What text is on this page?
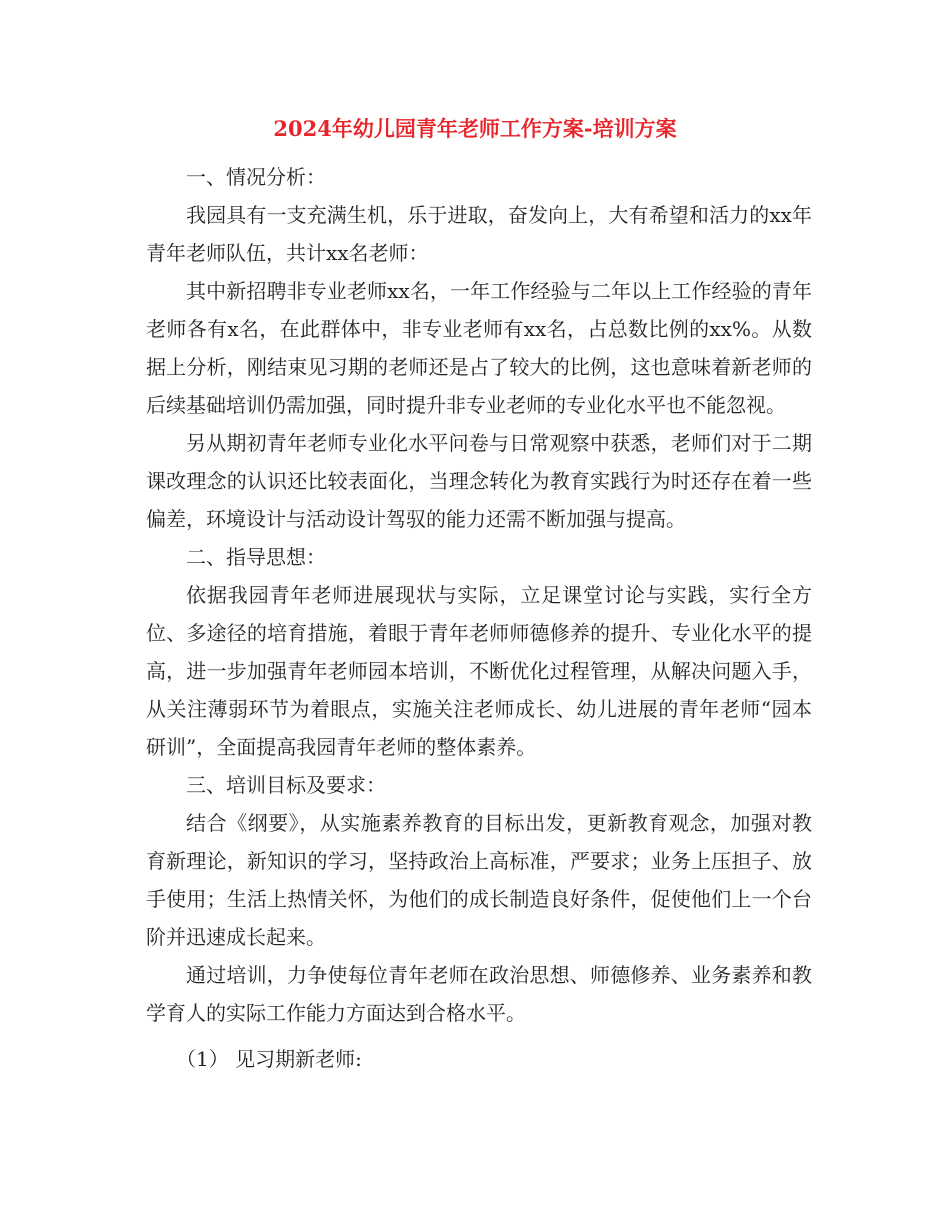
2024年幼儿园青年老师工作方案-培训方案

一、情况分析：

我园具有一支充满生机，乐于进取，奋发向上，大有希望和活力的xx年青年老师队伍，共计xx名老师：

其中新招聘非专业老师xx名，一年工作经验与二年以上工作经验的青年老师各有x名，在此群体中，非专业老师有xx名，占总数比例的xx%。从数据上分析，刚结束见习期的老师还是占了较大的比例，这也意味着新老师的后续基础培训仍需加强，同时提升非专业老师的专业化水平也不能忽视。

另从期初青年老师专业化水平问卷与日常观察中获悉，老师们对于二期课改理念的认识还比较表面化，当理念转化为教育实践行为时还存在着一些偏差，环境设计与活动设计驾驭的能力还需不断加强与提高。

二、指导思想：

依据我园青年老师进展现状与实际，立足课堂讨论与实践，实行全方位、多途径的培育措施，着眼于青年老师师德修养的提升、专业化水平的提高，进一步加强青年老师园本培训，不断优化过程管理，从解决问题入手，从关注薄弱环节为着眼点，实施关注老师成长、幼儿进展的青年老师“园本研训”，全面提高我园青年老师的整体素养。

三、培训目标及要求：

结合《纲要》，从实施素养教育的目标出发，更新教育观念，加强对教育新理论，新知识的学习，坚持政治上高标准，严要求；业务上压担子、放手使用；生活上热情关怀，为他们的成长制造良好条件，促使他们上一个台阶并迅速成长起来。

通过培训，力争使每位青年老师在政治思想、师德修养、业务素养和教学育人的实际工作能力方面达到合格水平。

（1） 见习期新老师:
